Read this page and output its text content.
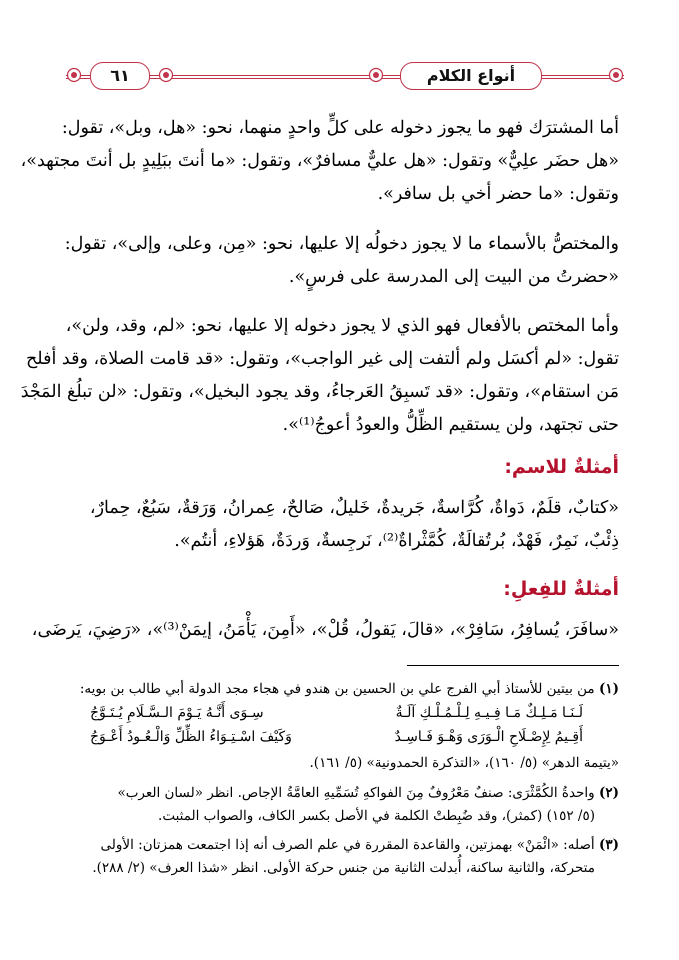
أنواع الكلام
٦١
أما المشترَك فهو ما يجوز دخوله على كلٍّ واحدٍ منهما، نحو: «هل، وبل»، تقول:
«هل حضَر علِيٌّ» وتقول: «هل عليٌّ مسافرٌ»، وتقول: «ما أنتَ ببَلِيدٍ بل أنتَ مجتهد»،
وتقول: «ما حضر أخي بل سافر».
والمختصُّ بالأسماء ما لا يجوز دخولُه إلا عليها، نحو: «مِن، وعلى، وإلى»، تقول:
«حضرتُ من البيت إلى المدرسة على فرسٍ».
وأما المختص بالأفعال فهو الذي لا يجوز دخوله إلا عليها، نحو: «لم، وقد، ولن»،
تقول: «لم أكسَل ولم ألتفت إلى غير الواجب»، وتقول: «قد قامت الصلاة، وقد أفلح
مَن استقام»، وتقول: «قد تَسبِقُ العَرجاءُ، وقد يجود البخيل»، وتقول: «لن تبلُغ المَجْدَ
حتى تجتهد، ولن يستقيم الظِّلُّ والعودُ أعوجُ⁽¹⁾».
أمثلةٌ للاسم:
«كتابٌ، قلَمٌ، دَواةٌ، كُرَّاسةٌ، جَريدةٌ، خَليلٌ، صَالحٌ، عِمرانُ، وَرَقةٌ، سَبُعٌ، حِمارٌ،
ذِئْبٌ، نَمِرٌ، فَهْدٌ، بُرتُقالَةٌ، كُمَّثْراةٌ⁽²⁾، نَرجِسةٌ، وَردَةٌ، هَؤلاءِ، أنتُم».
أمثلةٌ للفِعلِ:
«سافَرَ، يُسافِرُ، سَافِرْ»، «قالَ، يَقولُ، قُلْ»، «أَمِنَ، يَأْمَنُ، إيمَنْ⁽³⁾»، «رَضِيَ، يَرضَى،
(١) من بيتين للأستاذ أبي الفرج علي بن الحسين بن هندو في هجاء مجد الدولة أبي طالب بن بويه:
لَـنَـا مَـلِـكٌ مَـا فِـيـهِ لِـلْـمُـلْـكِ آلَـةٌ
سِـوَى أَنَّـهُ يَـوْمَ الـسَّـلَامِ يُـتَـوَّجُ
أَقِـيمُ لِإِصْـلَاحِ الْـوَرَى وَهْـوَ فَـاسِـدٌ
وَكَيْفَ اسْـتِـوَاءُ الظِّلِّ وَالْـعُـودُ أَعْـوَجُ
«يتيمة الدهر» (٥/ ١٦٠)، «التذكرة الحمدونية» (٥/ ١٦١).
(٢) واحدةُ الكُمَّثْرَى: صنفٌ مَعْرُوفٌ مِنَ الفواكهِ تُسَمِّيهِ العامَّةُ الإجاص. انظر «لسان العرب»
(٥/ ١٥٢) (كمثر)، وقد ضُبِطتْ الكلمة في الأصل بكسر الكاف، والصواب المثبت.
(٣) أصله: «ائْمَنْ» بهمزتين، والقاعدة المقررة في علم الصرف أنه إذا اجتمعت همزتان: الأولى
متحركة، والثانية ساكنة، أُبدلت الثانية من جنس حركة الأولى. انظر «شذا العرف» (٢/ ٢٨٨).
